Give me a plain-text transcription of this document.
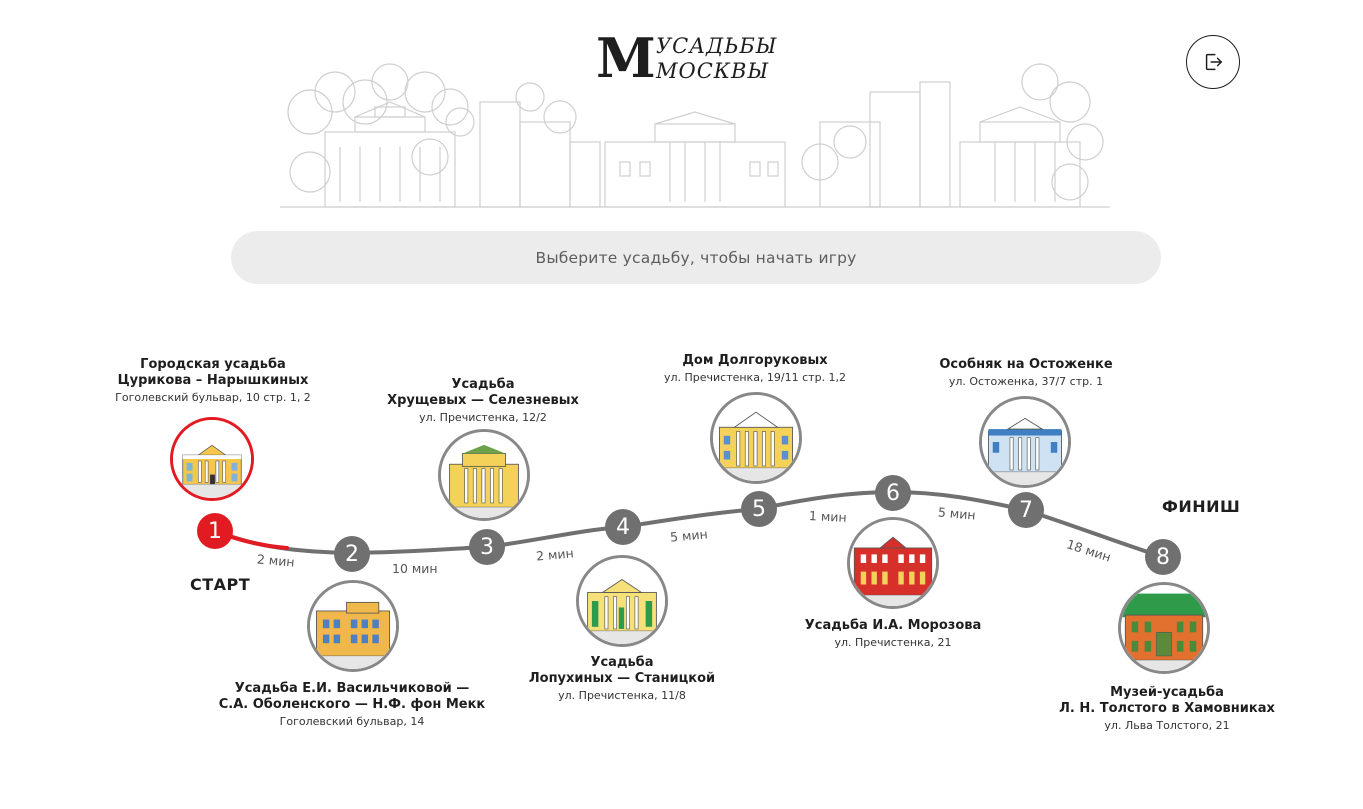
М УСАДЬБЫ
МОСКВЫ
Выберите усадьбу, чтобы начать игру
1
2	3
4
5
6
7
8
2 мин	10 мин
2 мин
5 мин
1 мин	5 мин
18 мин
СТАРТ
ФИНИШ
Городская усадьба
Цурикова – Нарышкиных
Гоголевский бульвар, 10 стр. 1, 2
Усадьба Е.И. Васильчиковой —
С.А. Оболенского — Н.Ф. фон Мекк
Гоголевский бульвар, 14
Усадьба
Хрущевых — Селезневых
ул. Пречистенка, 12/2
Усадьба
Лопухиных — Станицкой
ул. Пречистенка, 11/8
Дом Долгоруковых
ул. Пречистенка, 19/11 стр. 1,2
Усадьба И.А. Морозова
ул. Пречистенка, 21
Особняк на Остоженке
ул. Остоженка, 37/7 стр. 1
Музей-усадьба
Л. Н. Толстого в Хамовниках
ул. Льва Толстого, 21
